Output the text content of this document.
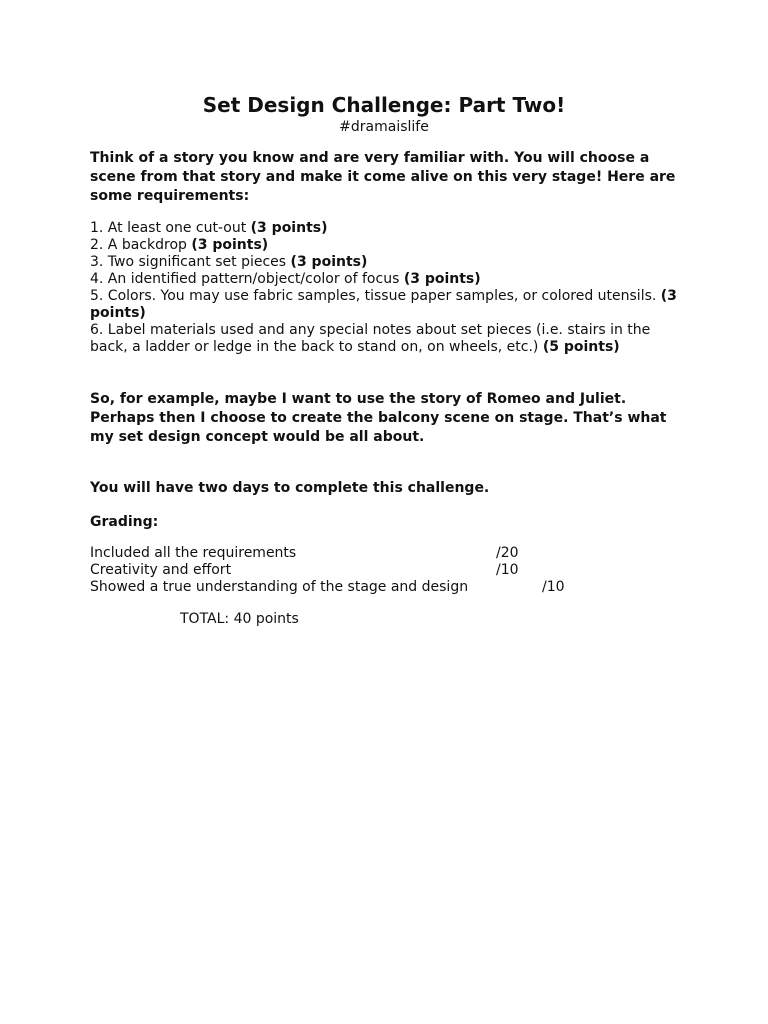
Set Design Challenge: Part Two!
#dramaislife
Think of a story you know and are very familiar with. You will choose a scene from that story and make it come alive on this very stage! Here are some requirements:
1. At least one cut-out (3 points)
2. A backdrop (3 points)
3. Two significant set pieces (3 points)
4. An identified pattern/object/color of focus (3 points)
5. Colors. You may use fabric samples, tissue paper samples, or colored utensils. (3 points)
6. Label materials used and any special notes about set pieces (i.e. stairs in the back, a ladder or ledge in the back to stand on, on wheels, etc.) (5 points)
So, for example, maybe I want to use the story of Romeo and Juliet. Perhaps then I choose to create the balcony scene on stage. That’s what my set design concept would be all about.
You will have two days to complete this challenge.
Grading:
Included all the requirements	/20
Creativity and effort	/10
Showed a true understanding of the stage and design	/10
TOTAL: 40 points
